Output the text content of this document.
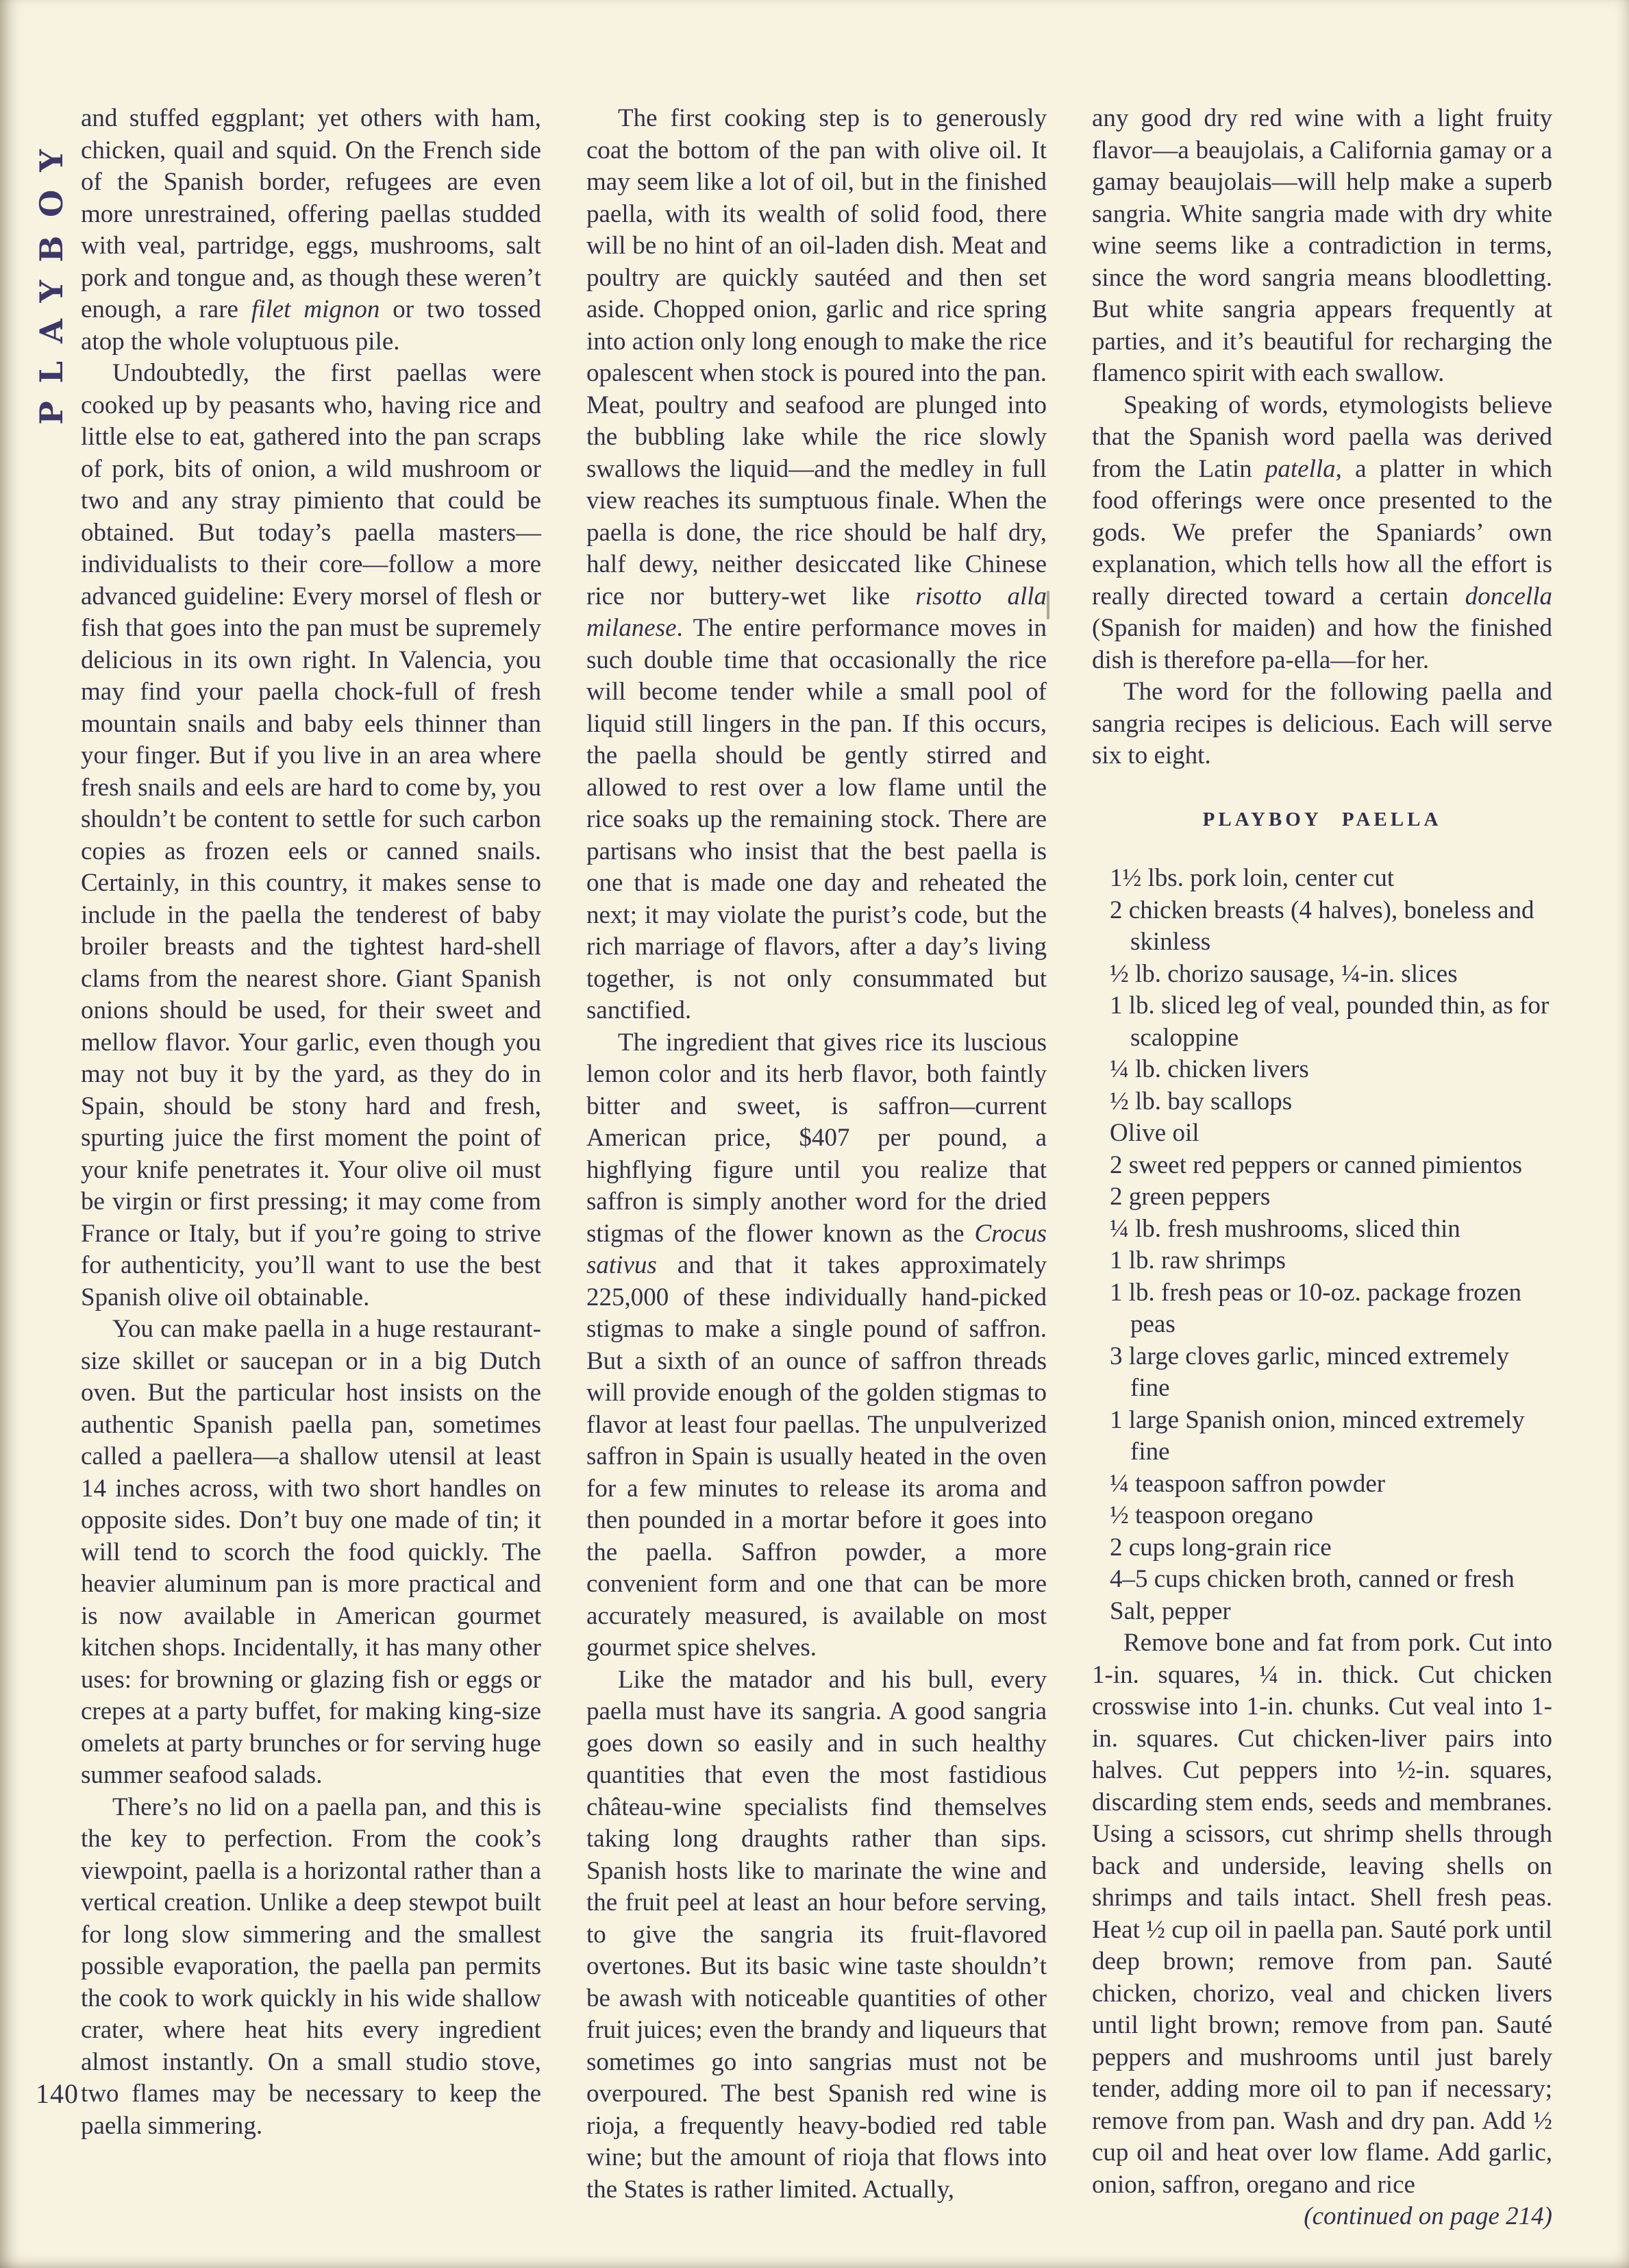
PLAYBOY

and stuffed eggplant; yet others with ham, chicken, quail and squid. On the French side of the Spanish border, refugees are even more unrestrained, offering paellas studded with veal, partridge, eggs, mushrooms, salt pork and tongue and, as though these weren’t enough, a rare filet mignon or two tossed atop the whole voluptuous pile.

Undoubtedly, the first paellas were cooked up by peasants who, having rice and little else to eat, gathered into the pan scraps of pork, bits of onion, a wild mushroom or two and any stray pimiento that could be obtained. But today’s paella masters—individualists to their core—follow a more advanced guideline: Every morsel of flesh or fish that goes into the pan must be supremely delicious in its own right. In Valencia, you may find your paella chock-full of fresh mountain snails and baby eels thinner than your finger. But if you live in an area where fresh snails and eels are hard to come by, you shouldn’t be content to settle for such carbon copies as frozen eels or canned snails. Certainly, in this country, it makes sense to include in the paella the tenderest of baby broiler breasts and the tightest hard-shell clams from the nearest shore. Giant Spanish onions should be used, for their sweet and mellow flavor. Your garlic, even though you may not buy it by the yard, as they do in Spain, should be stony hard and fresh, spurting juice the first moment the point of your knife penetrates it. Your olive oil must be virgin or first pressing; it may come from France or Italy, but if you’re going to strive for authenticity, you’ll want to use the best Spanish olive oil obtainable.

You can make paella in a huge restaurant-size skillet or saucepan or in a big Dutch oven. But the particular host insists on the authentic Spanish paella pan, sometimes called a paellera—a shallow utensil at least 14 inches across, with two short handles on opposite sides. Don’t buy one made of tin; it will tend to scorch the food quickly. The heavier aluminum pan is more practical and is now available in American gourmet kitchen shops. Incidentally, it has many other uses: for browning or glazing fish or eggs or crepes at a party buffet, for making king-size omelets at party brunches or for serving huge summer seafood salads.

There’s no lid on a paella pan, and this is the key to perfection. From the cook’s viewpoint, paella is a horizontal rather than a vertical creation. Unlike a deep stewpot built for long slow simmering and the smallest possible evaporation, the paella pan permits the cook to work quickly in his wide shallow crater, where heat hits every ingredient almost instantly. On a small studio stove, two flames may be necessary to keep the paella simmering.

The first cooking step is to generously coat the bottom of the pan with olive oil. It may seem like a lot of oil, but in the finished paella, with its wealth of solid food, there will be no hint of an oil-laden dish. Meat and poultry are quickly sautéed and then set aside. Chopped onion, garlic and rice spring into action only long enough to make the rice opalescent when stock is poured into the pan. Meat, poultry and seafood are plunged into the bubbling lake while the rice slowly swallows the liquid—and the medley in full view reaches its sumptuous finale. When the paella is done, the rice should be half dry, half dewy, neither desiccated like Chinese rice nor buttery-wet like risotto alla milanese. The entire performance moves in such double time that occasionally the rice will become tender while a small pool of liquid still lingers in the pan. If this occurs, the paella should be gently stirred and allowed to rest over a low flame until the rice soaks up the remaining stock. There are partisans who insist that the best paella is one that is made one day and reheated the next; it may violate the purist’s code, but the rich marriage of flavors, after a day’s living together, is not only consummated but sanctified.

The ingredient that gives rice its luscious lemon color and its herb flavor, both faintly bitter and sweet, is saffron—current American price, $407 per pound, a highflying figure until you realize that saffron is simply another word for the dried stigmas of the flower known as the Crocus sativus and that it takes approximately 225,000 of these individually hand-picked stigmas to make a single pound of saffron. But a sixth of an ounce of saffron threads will provide enough of the golden stigmas to flavor at least four paellas. The unpulverized saffron in Spain is usually heated in the oven for a few minutes to release its aroma and then pounded in a mortar before it goes into the paella. Saffron powder, a more convenient form and one that can be more accurately measured, is available on most gourmet spice shelves.

Like the matador and his bull, every paella must have its sangria. A good sangria goes down so easily and in such healthy quantities that even the most fastidious château-wine specialists find themselves taking long draughts rather than sips. Spanish hosts like to marinate the wine and the fruit peel at least an hour before serving, to give the sangria its fruit-flavored overtones. But its basic wine taste shouldn’t be awash with noticeable quantities of other fruit juices; even the brandy and liqueurs that sometimes go into sangrias must not be overpoured. The best Spanish red wine is rioja, a frequently heavy-bodied red table wine; but the amount of rioja that flows into the States is rather limited. Actually,

any good dry red wine with a light fruity flavor—a beaujolais, a California gamay or a gamay beaujolais—will help make a superb sangria. White sangria made with dry white wine seems like a contradiction in terms, since the word sangria means bloodletting. But white sangria appears frequently at parties, and it’s beautiful for recharging the flamenco spirit with each swallow.

Speaking of words, etymologists believe that the Spanish word paella was derived from the Latin patella, a platter in which food offerings were once presented to the gods. We prefer the Spaniards’ own explanation, which tells how all the effort is really directed toward a certain doncella (Spanish for maiden) and how the finished dish is therefore pa-ella—for her.

The word for the following paella and sangria recipes is delicious. Each will serve six to eight.

PLAYBOY PAELLA
1½ lbs. pork loin, center cut
2 chicken breasts (4 halves), boneless and skinless
½ lb. chorizo sausage, ¼-in. slices
1 lb. sliced leg of veal, pounded thin, as for scaloppine
¼ lb. chicken livers
½ lb. bay scallops
Olive oil
2 sweet red peppers or canned pimientos
2 green peppers
¼ lb. fresh mushrooms, sliced thin
1 lb. raw shrimps
1 lb. fresh peas or 10-oz. package frozen peas
3 large cloves garlic, minced extremely fine
1 large Spanish onion, minced extremely fine
¼ teaspoon saffron powder
½ teaspoon oregano
2 cups long-grain rice
4–5 cups chicken broth, canned or fresh
Salt, pepper

Remove bone and fat from pork. Cut into 1-in. squares, ¼ in. thick. Cut chicken crosswise into 1-in. chunks. Cut veal into 1-in. squares. Cut chicken-liver pairs into halves. Cut peppers into ½-in. squares, discarding stem ends, seeds and membranes. Using a scissors, cut shrimp shells through back and underside, leaving shells on shrimps and tails intact. Shell fresh peas. Heat ½ cup oil in paella pan. Sauté pork until deep brown; remove from pan. Sauté chicken, chorizo, veal and chicken livers until light brown; remove from pan. Sauté peppers and mushrooms until just barely tender, adding more oil to pan if necessary; remove from pan. Wash and dry pan. Add ½ cup oil and heat over low flame. Add garlic, onion, saffron, oregano and rice

(continued on page 214)

140
